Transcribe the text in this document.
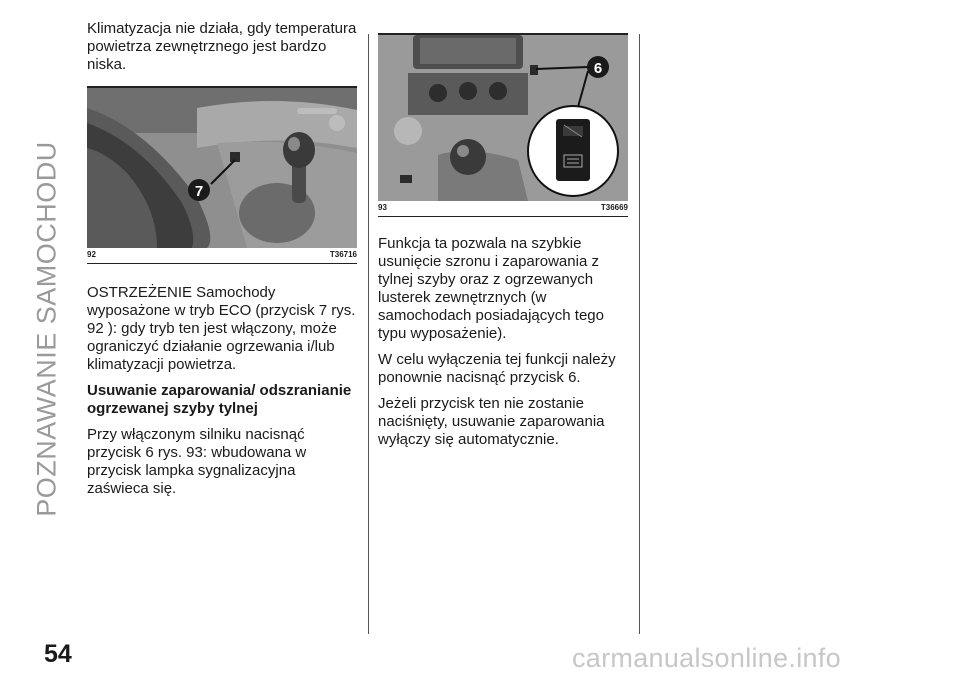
POZNAWANIE SAMOCHODU

Klimatyzacja nie działa, gdy temperatura powietrza zewnętrznego jest bardzo niska.

7
92	T36716

OSTRZEŻENIE Samochody wyposażone w tryb ECO (przycisk 7 rys. 92 ): gdy tryb ten jest włączony, może ograniczyć działanie ogrzewania i/lub klimatyzacji powietrza.

Usuwanie zaparowania/ odszranianie ogrzewanej szyby tylnej

Przy włączonym silniku nacisnąć przycisk 6 rys. 93: wbudowana w przycisk lampka sygnalizacyjna zaświeca się.

6
93	T36669

Funkcja ta pozwala na szybkie usunięcie szronu i zaparowania z tylnej szyby oraz z ogrzewanych lusterek zewnętrznych (w samochodach posiadających tego typu wyposażenie).

W celu wyłączenia tej funkcji należy ponownie nacisnąć przycisk 6.

Jeżeli przycisk ten nie zostanie naciśnięty, usuwanie zaparowania wyłączy się automatycznie.

54	carmanualsonline.info
